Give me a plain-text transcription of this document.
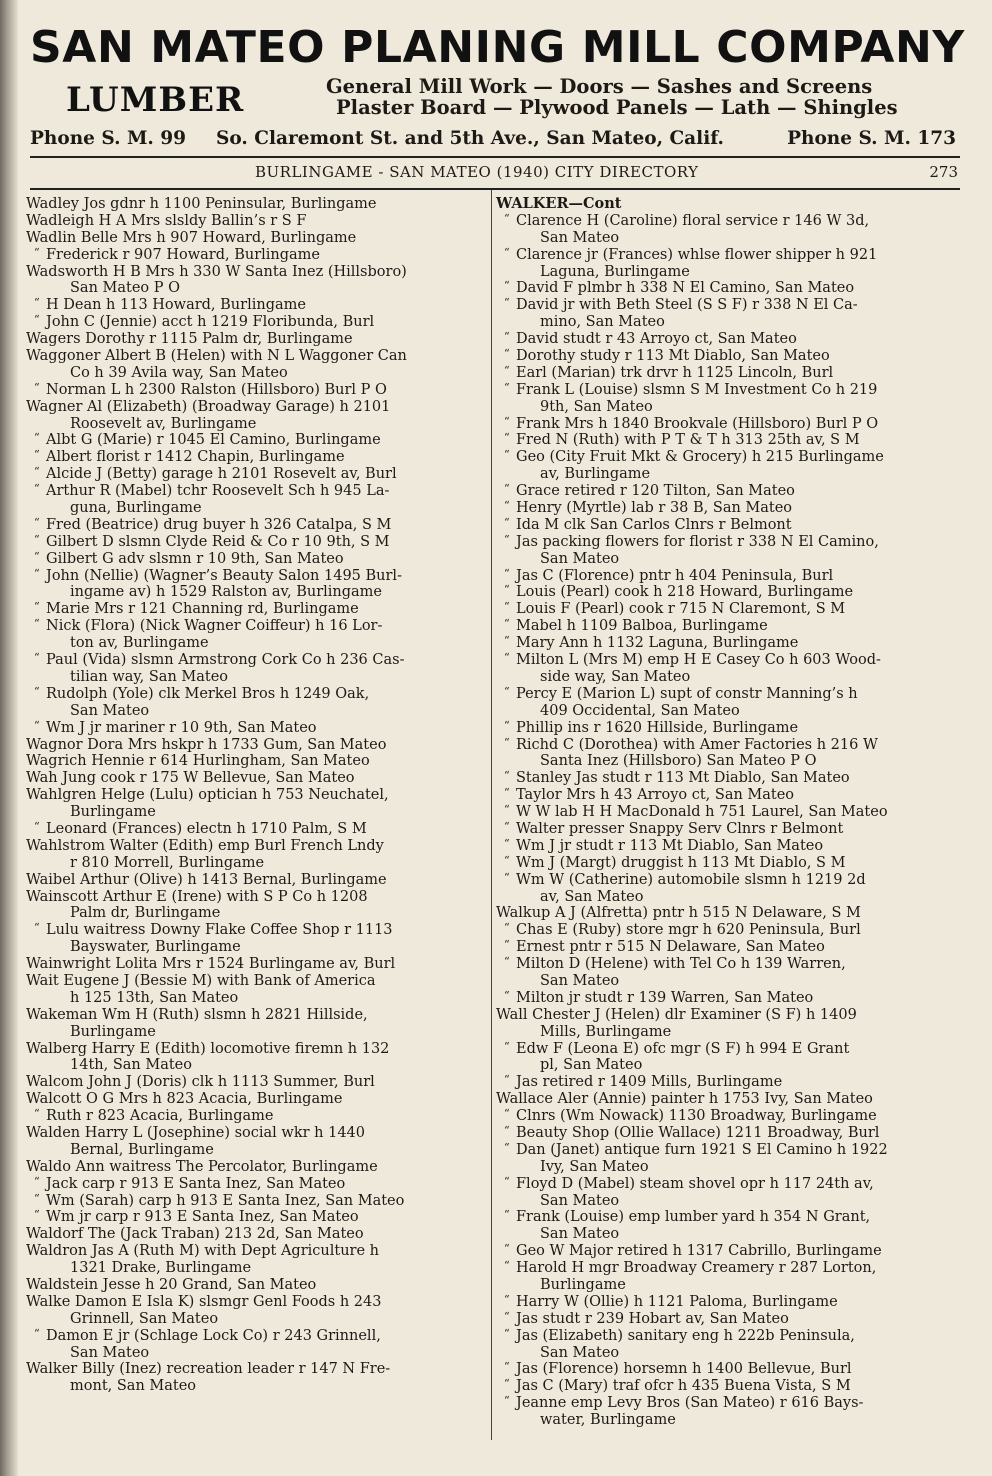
SAN MATEO PLANING MILL COMPANY
LUMBER	General Mill Work — Doors — Sashes and Screens
Plaster Board — Plywood Panels — Lath — Shingles
Phone S. M. 99 So. Claremont St. and 5th Ave., San Mateo, Calif.	Phone S. M. 173
BURLINGAME - SAN MATEO (1940) CITY DIRECTORY	273
Wadley Jos gdnr h 1100 Peninsular, Burlingame
Wadleigh H A Mrs slsldy Ballin’s r S F
Wadlin Belle Mrs h 907 Howard, Burlingame
“ Frederick r 907 Howard, Burlingame
Wadsworth H B Mrs h 330 W Santa Inez (Hillsboro)
San Mateo P O
“ H Dean h 113 Howard, Burlingame
“ John C (Jennie) acct h 1219 Floribunda, Burl
Wagers Dorothy r 1115 Palm dr, Burlingame
Waggoner Albert B (Helen) with N L Waggoner Can
Co h 39 Avila way, San Mateo
“ Norman L h 2300 Ralston (Hillsboro) Burl P O
Wagner Al (Elizabeth) (Broadway Garage) h 2101
Roosevelt av, Burlingame
“ Albt G (Marie) r 1045 El Camino, Burlingame
“ Albert florist r 1412 Chapin, Burlingame
“ Alcide J (Betty) garage h 2101 Rosevelt av, Burl
“ Arthur R (Mabel) tchr Roosevelt Sch h 945 La-
guna, Burlingame
“ Fred (Beatrice) drug buyer h 326 Catalpa, S M
“ Gilbert D slsmn Clyde Reid & Co r 10 9th, S M
“ Gilbert G adv slsmn r 10 9th, San Mateo
“ John (Nellie) (Wagner’s Beauty Salon 1495 Burl-
ingame av) h 1529 Ralston av, Burlingame
“ Marie Mrs r 121 Channing rd, Burlingame
“ Nick (Flora) (Nick Wagner Coiffeur) h 16 Lor-
ton av, Burlingame
“ Paul (Vida) slsmn Armstrong Cork Co h 236 Cas-
tilian way, San Mateo
“ Rudolph (Yole) clk Merkel Bros h 1249 Oak,
San Mateo
“ Wm J jr mariner r 10 9th, San Mateo
Wagnor Dora Mrs hskpr h 1733 Gum, San Mateo
Wagrich Hennie r 614 Hurlingham, San Mateo
Wah Jung cook r 175 W Bellevue, San Mateo
Wahlgren Helge (Lulu) optician h 753 Neuchatel,
Burlingame
“ Leonard (Frances) electn h 1710 Palm, S M
Wahlstrom Walter (Edith) emp Burl French Lndy
r 810 Morrell, Burlingame
Waibel Arthur (Olive) h 1413 Bernal, Burlingame
Wainscott Arthur E (Irene) with S P Co h 1208
Palm dr, Burlingame
“ Lulu waitress Downy Flake Coffee Shop r 1113
Bayswater, Burlingame
Wainwright Lolita Mrs r 1524 Burlingame av, Burl
Wait Eugene J (Bessie M) with Bank of America
h 125 13th, San Mateo
Wakeman Wm H (Ruth) slsmn h 2821 Hillside,
Burlingame
Walberg Harry E (Edith) locomotive firemn h 132
14th, San Mateo
Walcom John J (Doris) clk h 1113 Summer, Burl
Walcott O G Mrs h 823 Acacia, Burlingame
“ Ruth r 823 Acacia, Burlingame
Walden Harry L (Josephine) social wkr h 1440
Bernal, Burlingame
Waldo Ann waitress The Percolator, Burlingame
“ Jack carp r 913 E Santa Inez, San Mateo
“ Wm (Sarah) carp h 913 E Santa Inez, San Mateo
“ Wm jr carp r 913 E Santa Inez, San Mateo
Waldorf The (Jack Traban) 213 2d, San Mateo
Waldron Jas A (Ruth M) with Dept Agriculture h
1321 Drake, Burlingame
Waldstein Jesse h 20 Grand, San Mateo
Walke Damon E Isla K) slsmgr Genl Foods h 243
Grinnell, San Mateo
“ Damon E jr (Schlage Lock Co) r 243 Grinnell,
San Mateo
Walker Billy (Inez) recreation leader r 147 N Fre-
mont, San Mateo
WALKER—Cont
“ Clarence H (Caroline) floral service r 146 W 3d,
San Mateo
“ Clarence jr (Frances) whlse flower shipper h 921
Laguna, Burlingame
“ David F plmbr h 338 N El Camino, San Mateo
“ David jr with Beth Steel (S S F) r 338 N El Ca-
mino, San Mateo
“ David studt r 43 Arroyo ct, San Mateo
“ Dorothy study r 113 Mt Diablo, San Mateo
“ Earl (Marian) trk drvr h 1125 Lincoln, Burl
“ Frank L (Louise) slsmn S M Investment Co h 219
9th, San Mateo
“ Frank Mrs h 1840 Brookvale (Hillsboro) Burl P O
“ Fred N (Ruth) with P T & T h 313 25th av, S M
“ Geo (City Fruit Mkt & Grocery) h 215 Burlingame
av, Burlingame
“ Grace retired r 120 Tilton, San Mateo
“ Henry (Myrtle) lab r 38 B, San Mateo
“ Ida M clk San Carlos Clnrs r Belmont
“ Jas packing flowers for florist r 338 N El Camino,
San Mateo
“ Jas C (Florence) pntr h 404 Peninsula, Burl
“ Louis (Pearl) cook h 218 Howard, Burlingame
“ Louis F (Pearl) cook r 715 N Claremont, S M
“ Mabel h 1109 Balboa, Burlingame
“ Mary Ann h 1132 Laguna, Burlingame
“ Milton L (Mrs M) emp H E Casey Co h 603 Wood-
side way, San Mateo
“ Percy E (Marion L) supt of constr Manning’s h
409 Occidental, San Mateo
“ Phillip ins r 1620 Hillside, Burlingame
“ Richd C (Dorothea) with Amer Factories h 216 W
Santa Inez (Hillsboro) San Mateo P O
“ Stanley Jas studt r 113 Mt Diablo, San Mateo
“ Taylor Mrs h 43 Arroyo ct, San Mateo
“ W W lab H H MacDonald h 751 Laurel, San Mateo
“ Walter presser Snappy Serv Clnrs r Belmont
“ Wm J jr studt r 113 Mt Diablo, San Mateo
“ Wm J (Margt) druggist h 113 Mt Diablo, S M
“ Wm W (Catherine) automobile slsmn h 1219 2d
av, San Mateo
Walkup A J (Alfretta) pntr h 515 N Delaware, S M
“ Chas E (Ruby) store mgr h 620 Peninsula, Burl
“ Ernest pntr r 515 N Delaware, San Mateo
“ Milton D (Helene) with Tel Co h 139 Warren,
San Mateo
“ Milton jr studt r 139 Warren, San Mateo
Wall Chester J (Helen) dlr Examiner (S F) h 1409
Mills, Burlingame
“ Edw F (Leona E) ofc mgr (S F) h 994 E Grant
pl, San Mateo
“ Jas retired r 1409 Mills, Burlingame
Wallace Aler (Annie) painter h 1753 Ivy, San Mateo
“ Clnrs (Wm Nowack) 1130 Broadway, Burlingame
“ Beauty Shop (Ollie Wallace) 1211 Broadway, Burl
“ Dan (Janet) antique furn 1921 S El Camino h 1922
Ivy, San Mateo
“ Floyd D (Mabel) steam shovel opr h 117 24th av,
San Mateo
“ Frank (Louise) emp lumber yard h 354 N Grant,
San Mateo
“ Geo W Major retired h 1317 Cabrillo, Burlingame
“ Harold H mgr Broadway Creamery r 287 Lorton,
Burlingame
“ Harry W (Ollie) h 1121 Paloma, Burlingame
“ Jas studt r 239 Hobart av, San Mateo
“ Jas (Elizabeth) sanitary eng h 222b Peninsula,
San Mateo
“ Jas (Florence) horsemn h 1400 Bellevue, Burl
“ Jas C (Mary) traf ofcr h 435 Buena Vista, S M
“ Jeanne emp Levy Bros (San Mateo) r 616 Bays-
water, Burlingame
